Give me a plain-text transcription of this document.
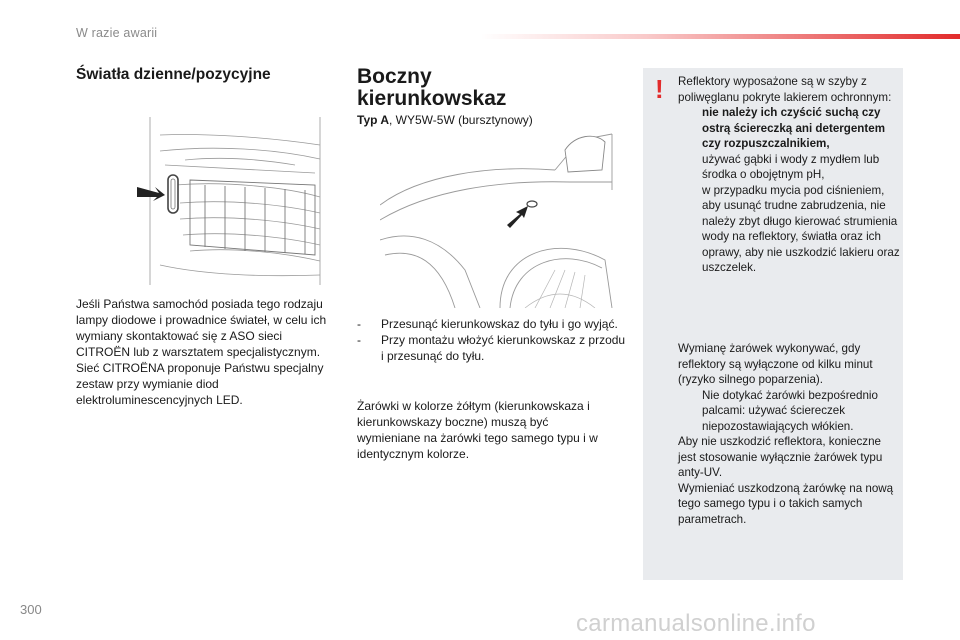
W razie awarii
Światła dzienne/pozycyjne
Jeśli Państwa samochód posiada tego rodzaju lampy diodowe i prowadnice świateł, w celu ich wymiany skontaktować się z ASO sieci CITROËN lub z warsztatem specjalistycznym. Sieć CITROËNA proponuje Państwu specjalny zestaw przy wymianie diod elektroluminescencyjnych LED.
Boczny kierunkowskaz
Typ A, WY5W-5W (bursztynowy)
-	Przesunąć kierunkowskaz do tyłu i go wyjąć.
-	Przy montażu włożyć kierunkowskaz z przodu i przesunąć do tyłu.
Żarówki w kolorze żółtym (kierunkowskaza i kierunkowskazy boczne) muszą być wymieniane na żarówki tego samego typu i w identycznym kolorze.
! Reflektory wyposażone są w szyby z poliwęglanu pokryte lakierem ochronnym:

nie należy ich czyścić suchą czy ostrą ściereczką ani detergentem czy rozpuszczalnikiem,
używać gąbki i wody z mydłem lub środka o obojętnym pH,
w przypadku mycia pod ciśnieniem, aby usunąć trudne zabrudzenia, nie należy zbyt długo kierować strumienia wody na reflektory, światła oraz ich oprawy, aby nie uszkodzić lakieru oraz uszczelek.

Wymianę żarówek wykonywać, gdy reflektory są wyłączone od kilku minut (ryzyko silnego poparzenia).

Nie dotykać żarówki bezpośrednio palcami: używać ściereczek niepozostawiających włókien.

Aby nie uszkodzić reflektora, konieczne jest stosowanie wyłącznie żarówek typu anty-UV.

Wymieniać uszkodzoną żarówkę na nową tego samego typu i o takich samych parametrach.

300
carmanualsonline.info
